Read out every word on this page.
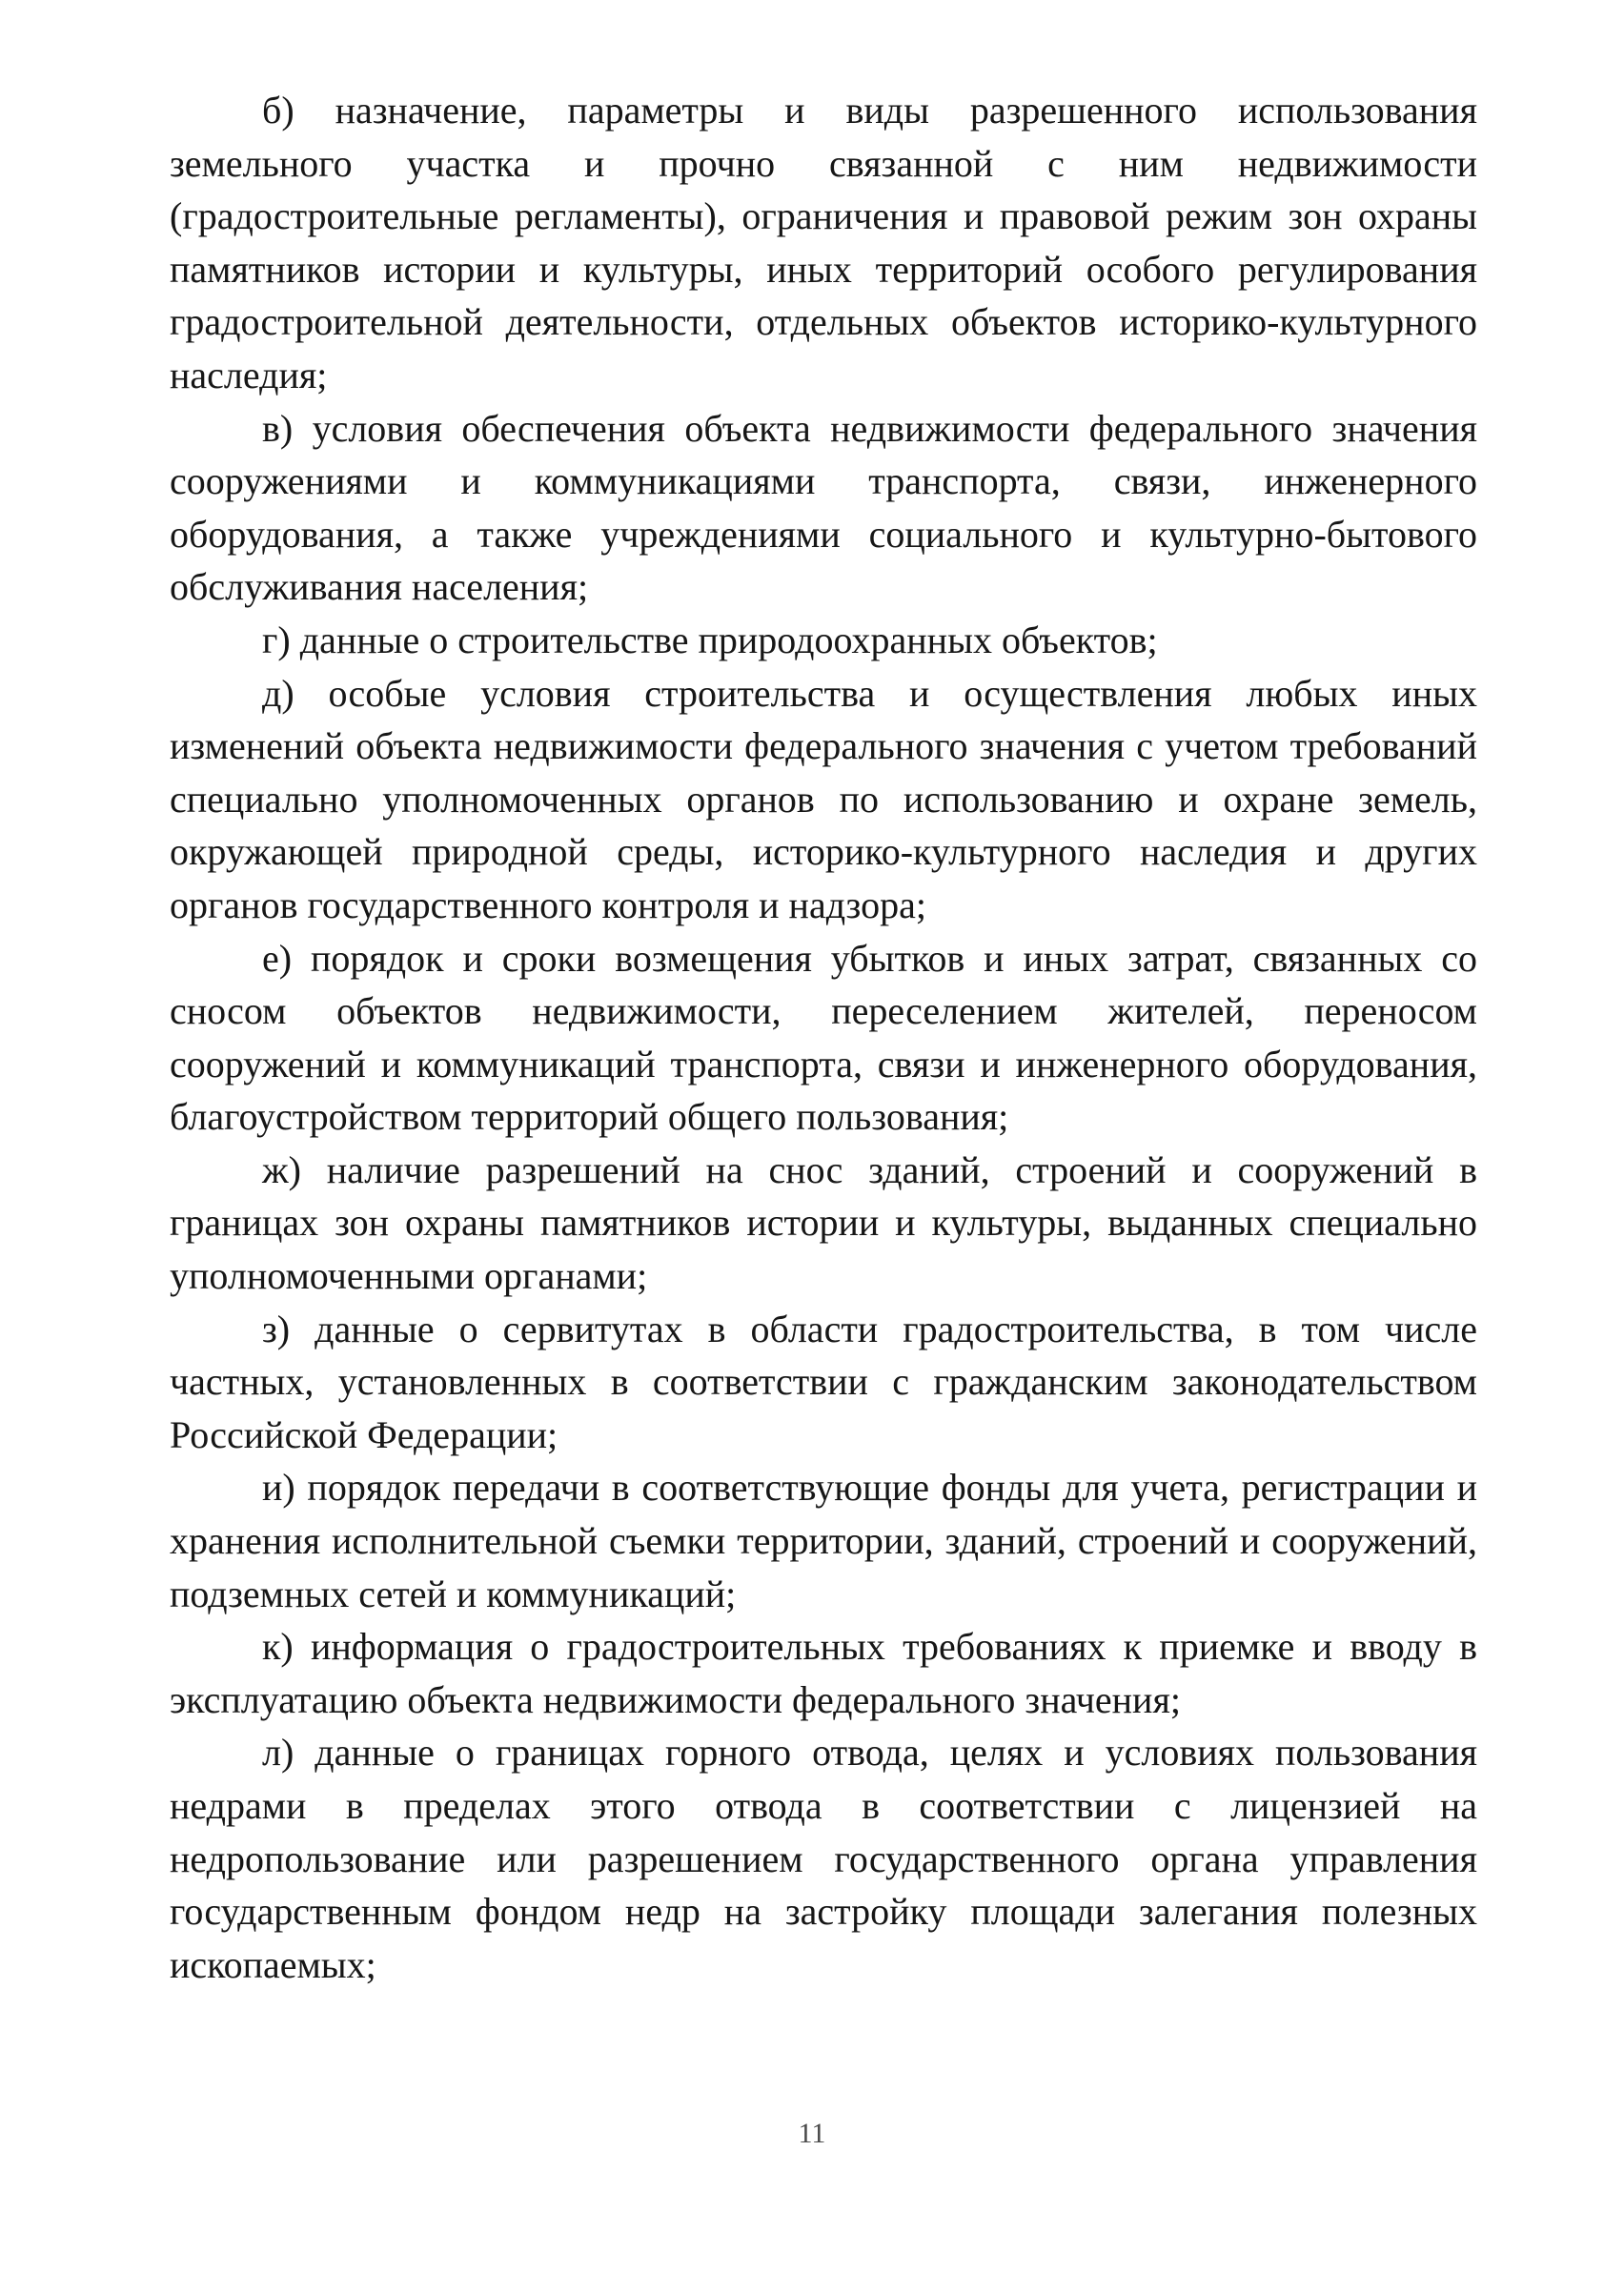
б) назначение, параметры и виды разрешенного использования земельного участка и прочно связанной с ним недвижимости (градостроительные регламенты), ограничения и правовой режим зон охраны памятников истории и культуры, иных территорий особого регулирования градостроительной деятельности, отдельных объектов историко-культурного наследия;

в) условия обеспечения объекта недвижимости федерального значения сооружениями и коммуникациями транспорта, связи, инженерного оборудования, а также учреждениями социального и культурно-бытового обслуживания населения;

г) данные о строительстве природоохранных объектов;

д) особые условия строительства и осуществления любых иных изменений объекта недвижимости федерального значения с учетом требований специально уполномоченных органов по использованию и охране земель, окружающей природной среды, историко-культурного наследия и других органов государственного контроля и надзора;

е) порядок и сроки возмещения убытков и иных затрат, связанных со сносом объектов недвижимости, переселением жителей, переносом сооружений и коммуникаций транспорта, связи и инженерного оборудования, благоустройством территорий общего пользования;

ж) наличие разрешений на снос зданий, строений и сооружений в границах зон охраны памятников истории и культуры, выданных специально уполномоченными органами;

з) данные о сервитутах в области градостроительства, в том числе частных, установленных в соответствии с гражданским законодательством Российской Федерации;

и) порядок передачи в соответствующие фонды для учета, регистрации и хранения исполнительной съемки территории, зданий, строений и сооружений, подземных сетей и коммуникаций;

к) информация о градостроительных требованиях к приемке и вводу в эксплуатацию объекта недвижимости федерального значения;

л) данные о границах горного отвода, целях и условиях пользования недрами в пределах этого отвода в соответствии с лицензией на недропользование или разрешением государственного органа управления государственным фондом недр на застройку площади залегания полезных ископаемых;

11
